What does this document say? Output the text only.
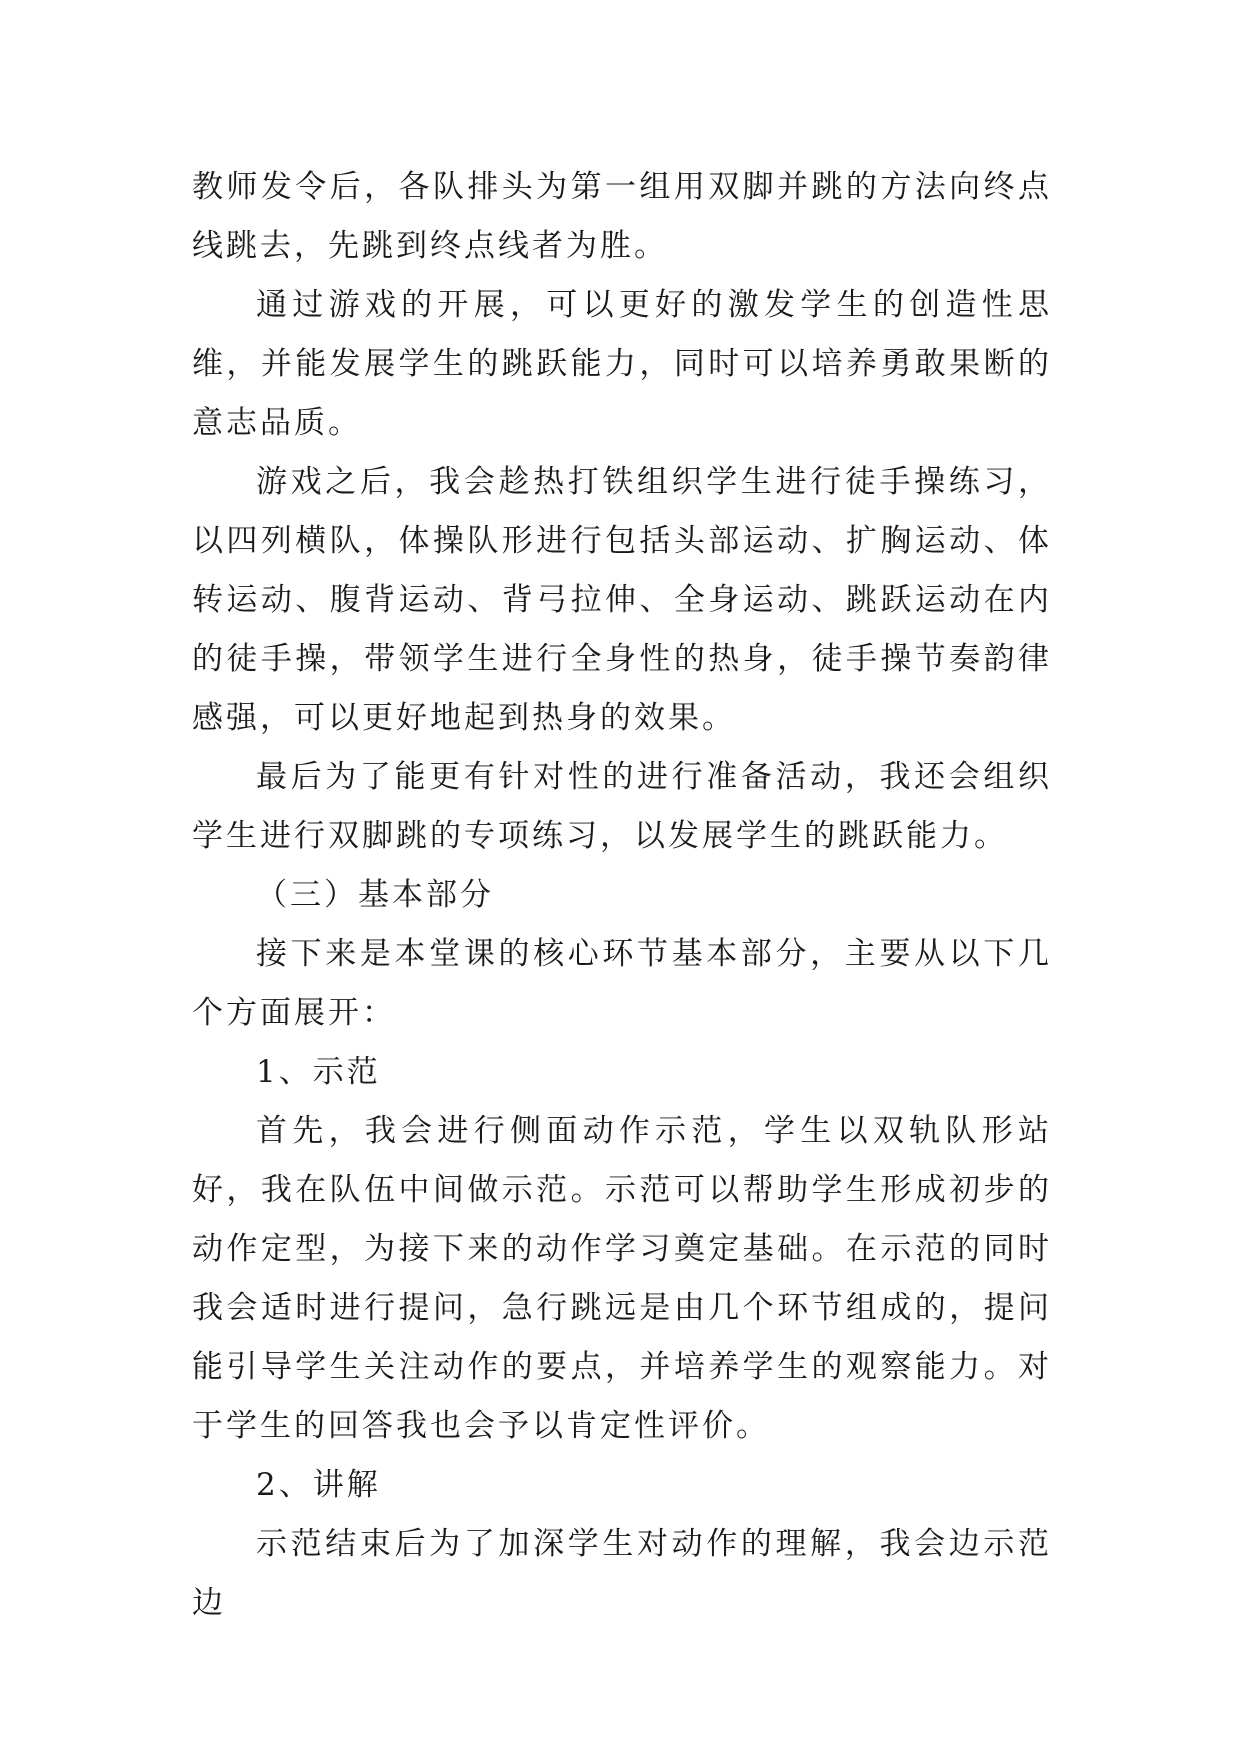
教师发令后，各队排头为第一组用双脚并跳的方法向终点线跳去，先跳到终点线者为胜。

通过游戏的开展，可以更好的激发学生的创造性思维，并能发展学生的跳跃能力，同时可以培养勇敢果断的意志品质。

游戏之后，我会趁热打铁组织学生进行徒手操练习，以四列横队，体操队形进行包括头部运动、扩胸运动、体转运动、腹背运动、背弓拉伸、全身运动、跳跃运动在内的徒手操，带领学生进行全身性的热身，徒手操节奏韵律感强，可以更好地起到热身的效果。

最后为了能更有针对性的进行准备活动，我还会组织学生进行双脚跳的专项练习，以发展学生的跳跃能力。

（三）基本部分

接下来是本堂课的核心环节基本部分，主要从以下几个方面展开：

1、示范

首先，我会进行侧面动作示范，学生以双轨队形站好，我在队伍中间做示范。示范可以帮助学生形成初步的动作定型，为接下来的动作学习奠定基础。在示范的同时我会适时进行提问，急行跳远是由几个环节组成的，提问能引导学生关注动作的要点，并培养学生的观察能力。对于学生的回答我也会予以肯定性评价。

2、讲解

示范结束后为了加深学生对动作的理解，我会边示范边
